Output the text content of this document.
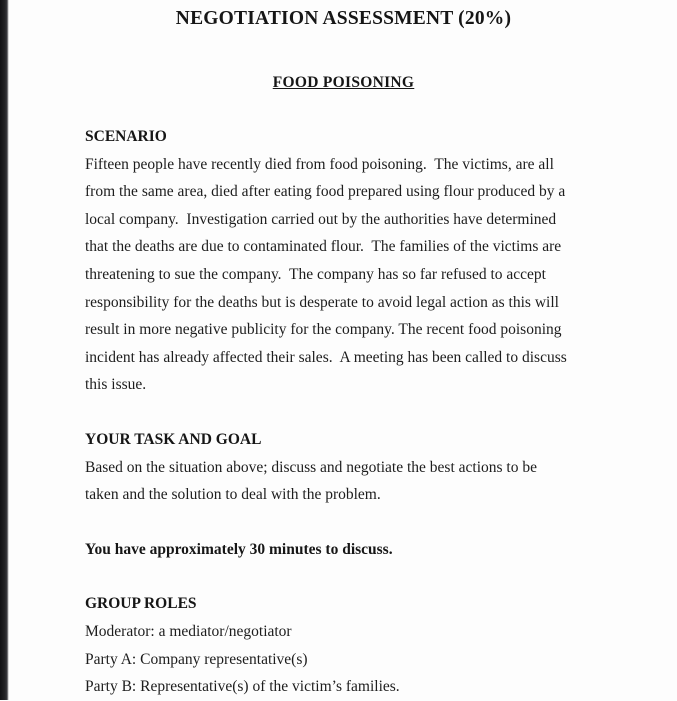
NEGOTIATION ASSESSMENT (20%)
FOOD POISONING
SCENARIO
Fifteen people have recently died from food poisoning.  The victims, are all
from the same area, died after eating food prepared using flour produced by a
local company.  Investigation carried out by the authorities have determined
that the deaths are due to contaminated flour.  The families of the victims are
threatening to sue the company.  The company has so far refused to accept
responsibility for the deaths but is desperate to avoid legal action as this will
result in more negative publicity for the company. The recent food poisoning
incident has already affected their sales.  A meeting has been called to discuss
this issue.
YOUR TASK AND GOAL
Based on the situation above; discuss and negotiate the best actions to be
taken and the solution to deal with the problem.
You have approximately 30 minutes to discuss.
GROUP ROLES
Moderator: a mediator/negotiator
Party A: Company representative(s)
Party B: Representative(s) of the victim’s families.
